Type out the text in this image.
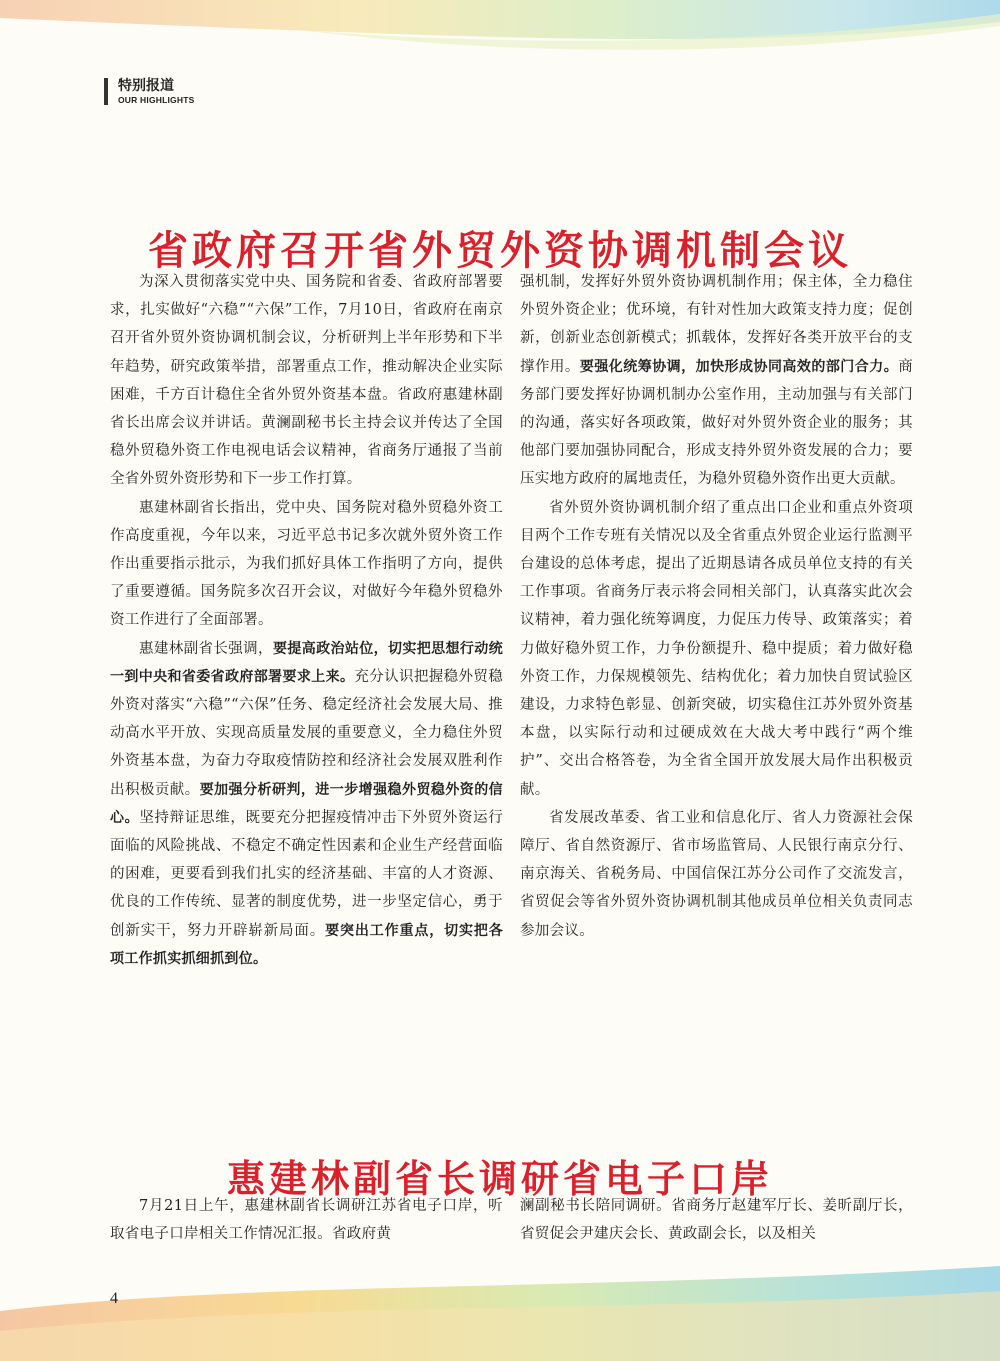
特别报道
OUR HIGHLIGHTS
省政府召开省外贸外资协调机制会议

为深入贯彻落实党中央、国务院和省委、省政府部署要求，扎实做好“六稳”“六保”工作，7月10日，省政府在南京召开省外贸外资协调机制会议，分析研判上半年形势和下半年趋势，研究政策举措，部署重点工作，推动解决企业实际困难，千方百计稳住全省外贸外资基本盘。省政府惠建林副省长出席会议并讲话。黄澜副秘书长主持会议并传达了全国稳外贸稳外资工作电视电话会议精神，省商务厅通报了当前全省外贸外资形势和下一步工作打算。

惠建林副省长指出，党中央、国务院对稳外贸稳外资工作高度重视，今年以来，习近平总书记多次就外贸外资工作作出重要指示批示，为我们抓好具体工作指明了方向，提供了重要遵循。国务院多次召开会议，对做好今年稳外贸稳外资工作进行了全面部署。

惠建林副省长强调，要提高政治站位，切实把思想行动统一到中央和省委省政府部署要求上来。充分认识把握稳外贸稳外资对落实“六稳”“六保”任务、稳定经济社会发展大局、推动高水平开放、实现高质量发展的重要意义，全力稳住外贸外资基本盘，为奋力夺取疫情防控和经济社会发展双胜利作出积极贡献。要加强分析研判，进一步增强稳外贸稳外资的信心。坚持辩证思维，既要充分把握疫情冲击下外贸外资运行面临的风险挑战、不稳定不确定性因素和企业生产经营面临的困难，更要看到我们扎实的经济基础、丰富的人才资源、优良的工作传统、显著的制度优势，进一步坚定信心，勇于创新实干，努力开辟崭新局面。要突出工作重点，切实把各项工作抓实抓细抓到位。

强机制，发挥好外贸外资协调机制作用；保主体，全力稳住外贸外资企业；优环境，有针对性加大政策支持力度；促创新，创新业态创新模式；抓载体，发挥好各类开放平台的支撑作用。要强化统筹协调，加快形成协同高效的部门合力。商务部门要发挥好协调机制办公室作用，主动加强与有关部门的沟通，落实好各项政策，做好对外贸外资企业的服务；其他部门要加强协同配合，形成支持外贸外资发展的合力；要压实地方政府的属地责任，为稳外贸稳外资作出更大贡献。

省外贸外资协调机制介绍了重点出口企业和重点外资项目两个工作专班有关情况以及全省重点外贸企业运行监测平台建设的总体考虑，提出了近期恳请各成员单位支持的有关工作事项。省商务厅表示将会同相关部门，认真落实此次会议精神，着力强化统筹调度，力促压力传导、政策落实；着力做好稳外贸工作，力争份额提升、稳中提质；着力做好稳外资工作，力保规模领先、结构优化；着力加快自贸试验区建设，力求特色彰显、创新突破，切实稳住江苏外贸外资基本盘，以实际行动和过硬成效在大战大考中践行“两个维护”、交出合格答卷，为全省全国开放发展大局作出积极贡献。

省发展改革委、省工业和信息化厅、省人力资源社会保障厅、省自然资源厅、省市场监管局、人民银行南京分行、南京海关、省税务局、中国信保江苏分公司作了交流发言，省贸促会等省外贸外资协调机制其他成员单位相关负责同志参加会议。

惠建林副省长调研省电子口岸

7月21日上午，惠建林副省长调研江苏省电子口岸，听取省电子口岸相关工作情况汇报。省政府黄

澜副秘书长陪同调研。省商务厅赵建军厅长、姜昕副厅长，省贸促会尹建庆会长、黄政副会长，以及相关

4
